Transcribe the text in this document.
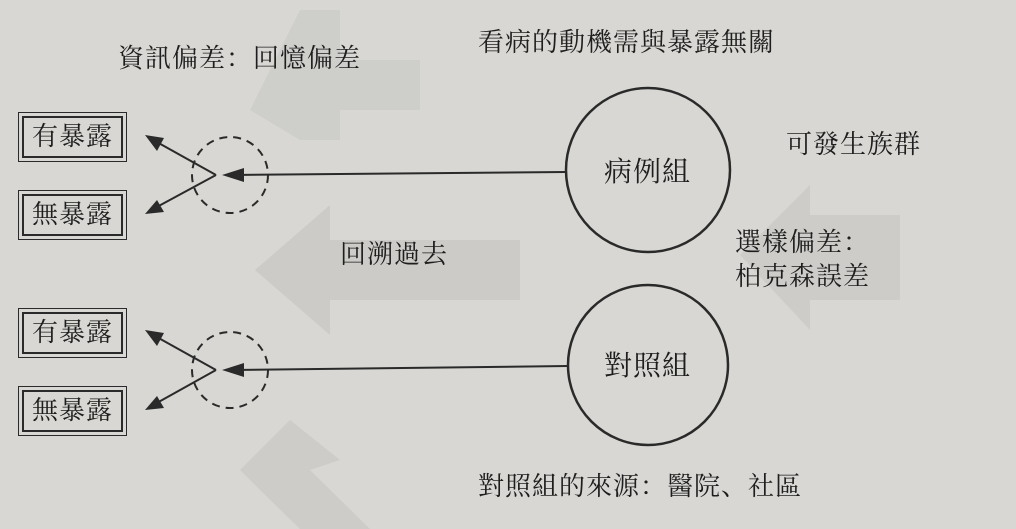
資訊偏差：回憶偏差
看病的動機需與暴露無關
可發生族群
選樣偏差：
柏克森誤差
回溯過去
對照組的來源：醫院、社區
病例組
對照組
有暴露
無暴露
有暴露
無暴露
